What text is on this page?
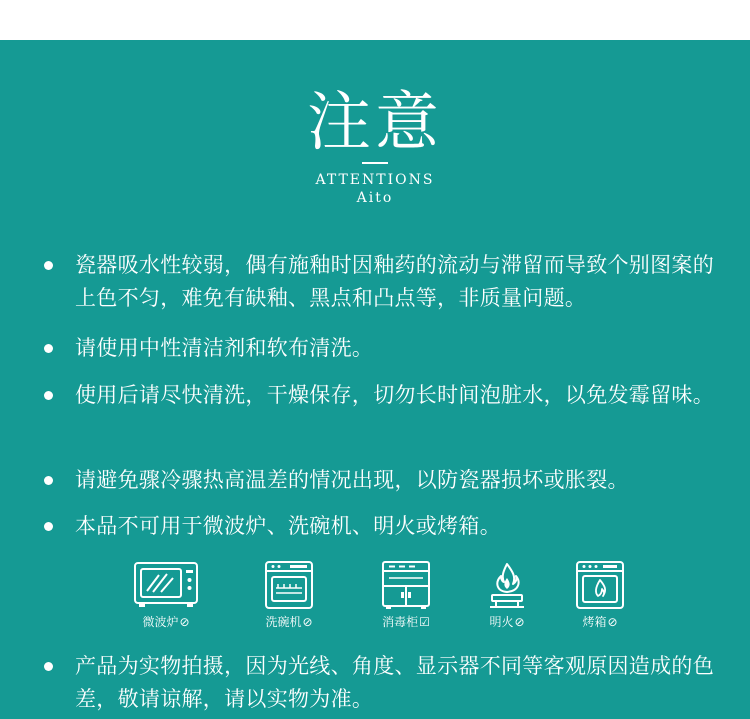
注意
ATTENTIONS
Aito
瓷器吸水性较弱，偶有施釉时因釉药的流动与滞留而导致个别图案的上色不匀，难免有缺釉、黑点和凸点等，非质量问题。
请使用中性清洁剂和软布清洗。
使用后请尽快清洗，干燥保存，切勿长时间泡脏水，以免发霉留味。
请避免骤冷骤热高温差的情况出现，以防瓷器损坏或胀裂。
本品不可用于微波炉、洗碗机、明火或烤箱。
微波炉 ⊘	洗碗机 ⊘	消毒柜 ☑	明火 ⊘	烤箱 ⊘
产品为实物拍摄，因为光线、角度、显示器不同等客观原因造成的色差，敬请谅解，请以实物为准。
